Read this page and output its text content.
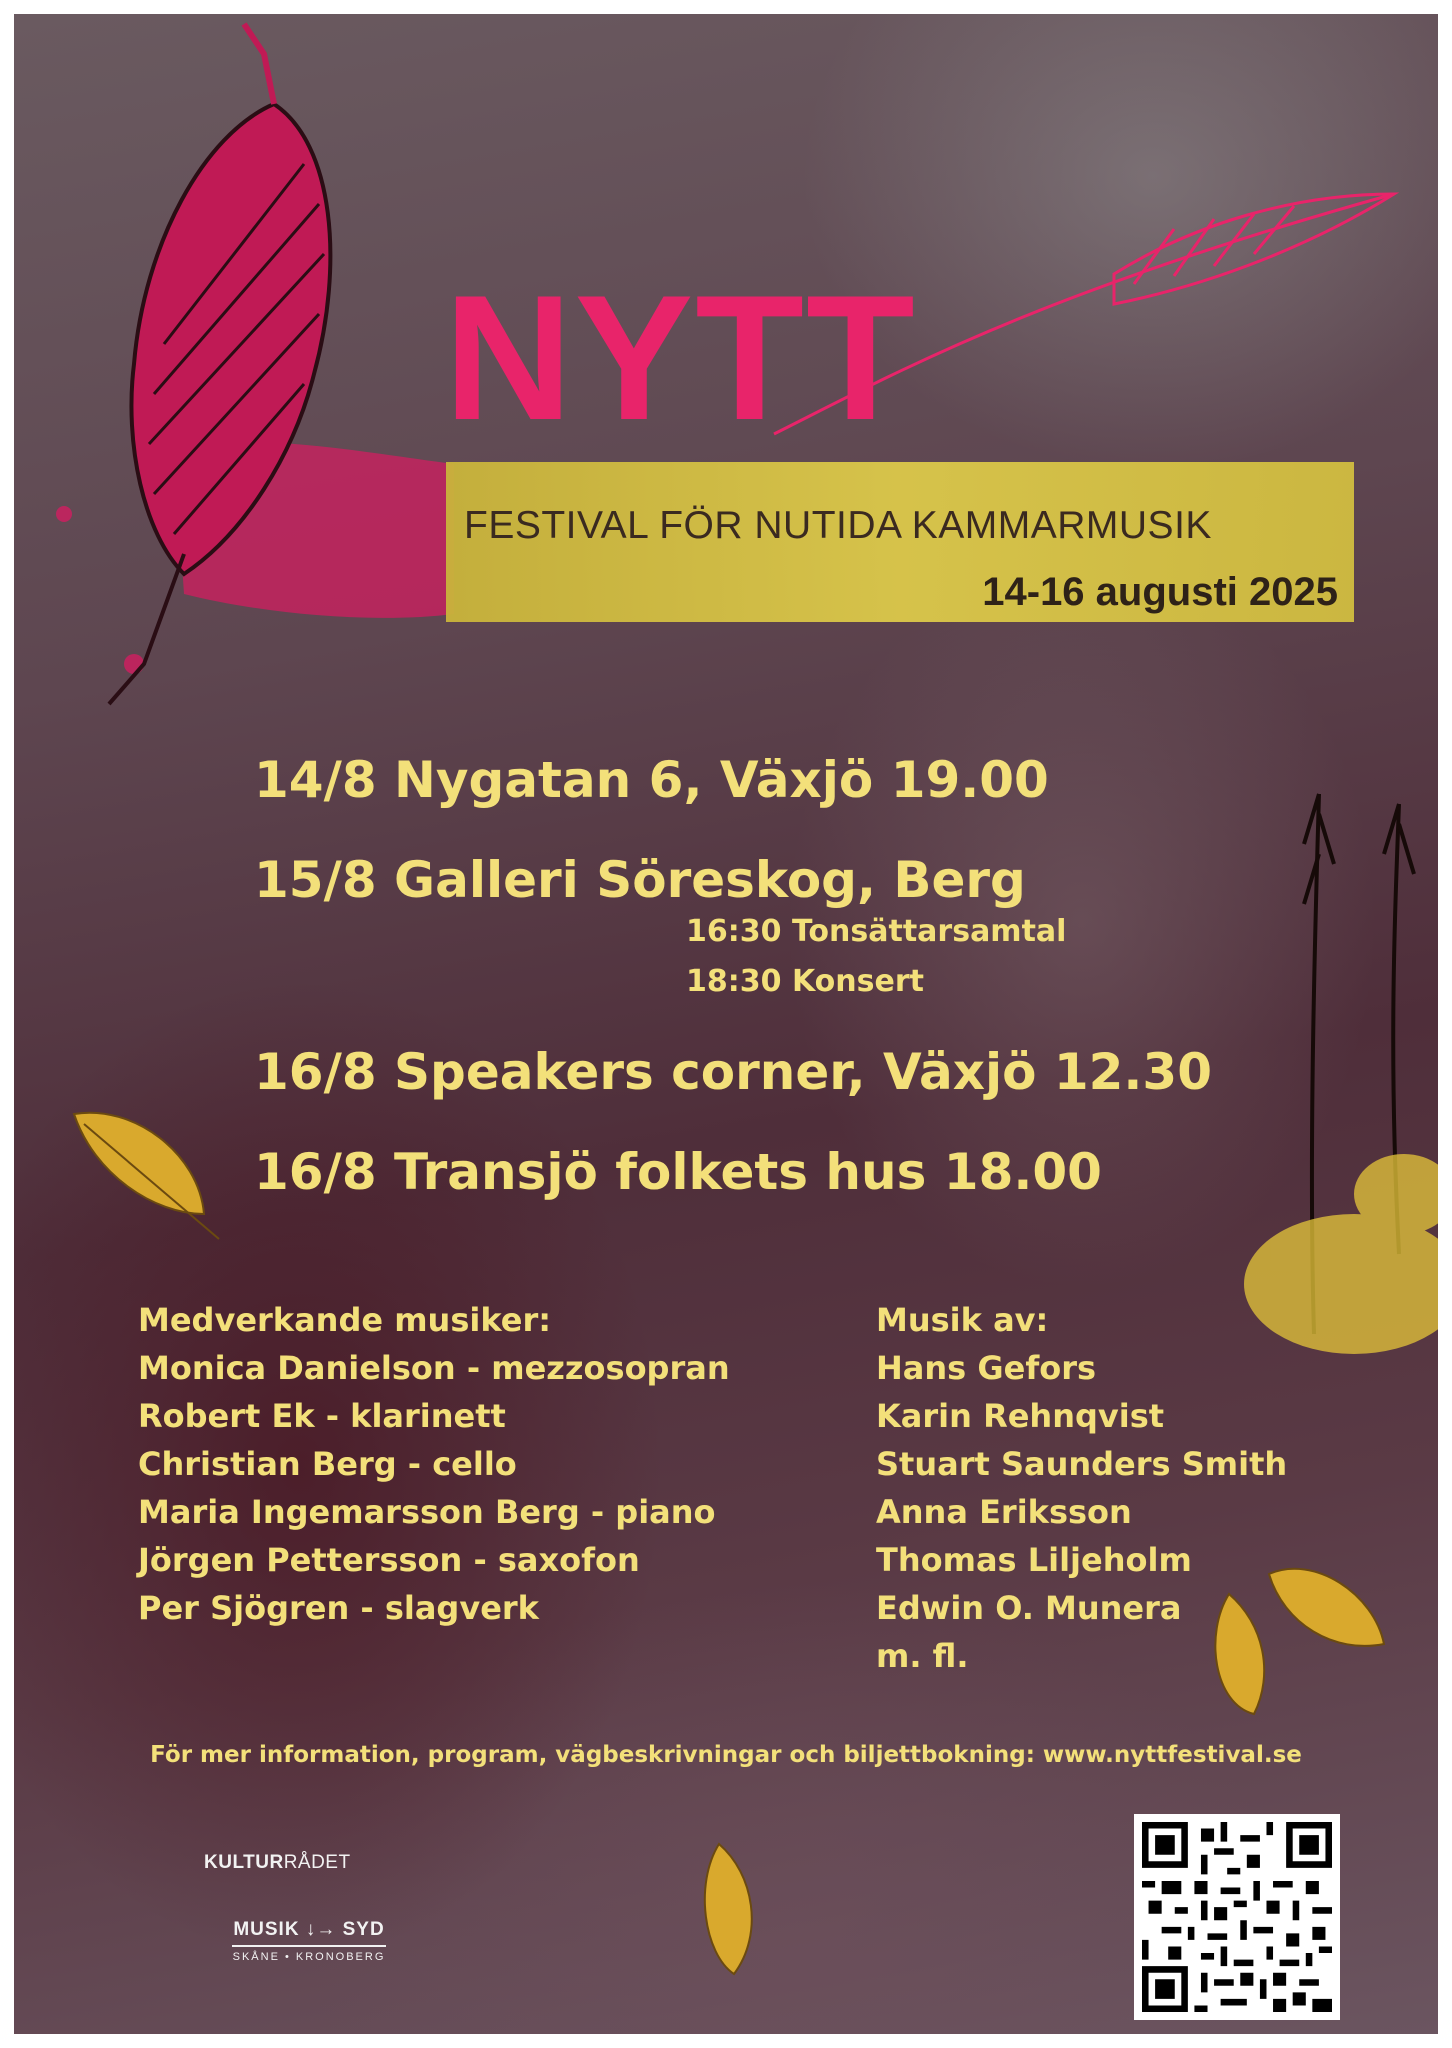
NYTT
FESTIVAL FÖR NUTIDA KAMMARMUSIK
14-16 augusti 2025
14/8 Nygatan 6, Växjö 19.00
15/8 Galleri Söreskog, Berg
16:30 Tonsättarsamtal
18:30 Konsert
16/8 Speakers corner, Växjö 12.30
16/8 Transjö folkets hus 18.00
Medverkande musiker:
Monica Danielson - mezzosopran
Robert Ek - klarinett
Christian Berg - cello
Maria Ingemarsson Berg - piano
Jörgen Pettersson - saxofon
Per Sjögren - slagverk
Musik av:
Hans Gefors
Karin Rehnqvist
Stuart Saunders Smith
Anna Eriksson
Thomas Liljeholm
Edwin O. Munera
m. fl.
För mer information, program, vägbeskrivningar och biljettbokning: www.nyttfestival.se
KULTURRÅDET
MUSIK ↓→ SYD
SKÅNE • KRONOBERG
